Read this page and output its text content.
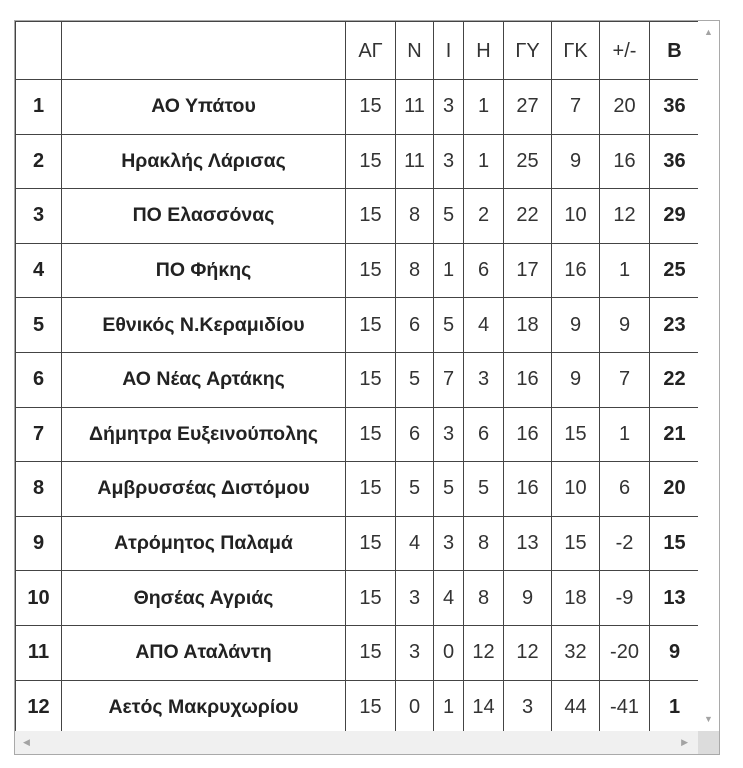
		ΑΓ	Ν	Ι	Η	ΓΥ	ΓΚ	+/-	Β
1	ΑΟ Υπάτου	15	11	3	1	27	7	20	36
2	Ηρακλής Λάρισας	15	11	3	1	25	9	16	36
3	ΠΟ Ελασσόνας	15	8	5	2	22	10	12	29
4	ΠΟ Φήκης	15	8	1	6	17	16	1	25
5	Εθνικός Ν.Κεραμιδίου	15	6	5	4	18	9	9	23
6	ΑΟ Νέας Αρτάκης	15	5	7	3	16	9	7	22
7	Δήμητρα Ευξεινούπολης	15	6	3	6	16	15	1	21
8	Αμβρυσσέας Διστόμου	15	5	5	5	16	10	6	20
9	Ατρόμητος Παλαμά	15	4	3	8	13	15	-2	15
10	Θησέας Αγριάς	15	3	4	8	9	18	-9	13
11	ΑΠΟ Αταλάντη	15	3	0	12	12	32	-20	9
12	Αετός Μακρυχωρίου	15	0	1	14	3	44	-41	1
▲
▼
◀	▶
